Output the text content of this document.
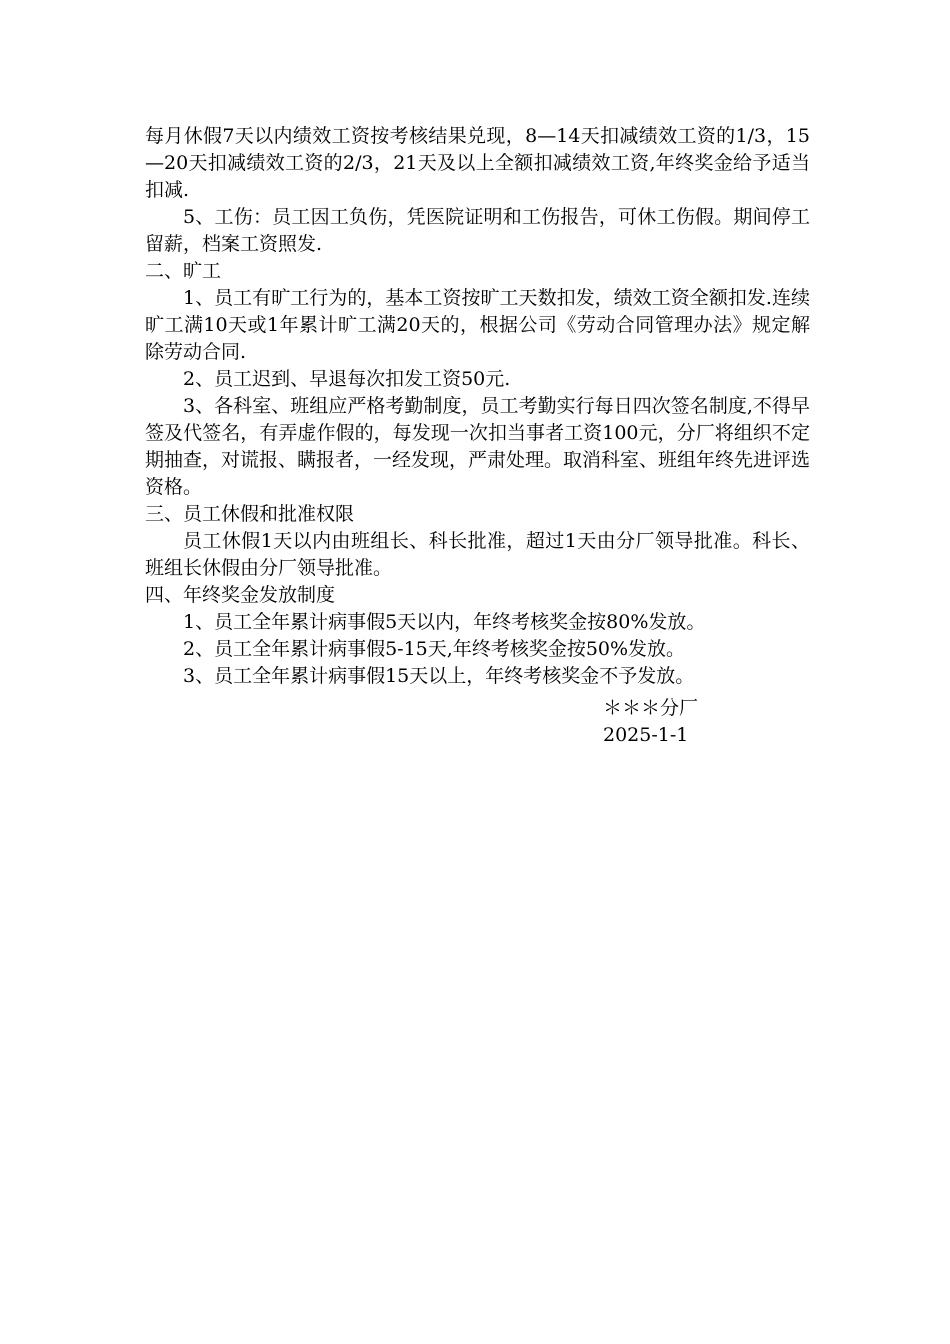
每月休假7天以内绩效工资按考核结果兑现，8—14天扣减绩效工资的1/3，15—20天扣减绩效工资的2/3，21天及以上全额扣减绩效工资,年终奖金给予适当扣减.

5、工伤：员工因工负伤，凭医院证明和工伤报告，可休工伤假。期间停工留薪，档案工资照发.

二、旷工

1、员工有旷工行为的，基本工资按旷工天数扣发，绩效工资全额扣发.连续旷工满10天或1年累计旷工满20天的，根据公司《劳动合同管理办法》规定解除劳动合同.

2、员工迟到、早退每次扣发工资50元.

3、各科室、班组应严格考勤制度，员工考勤实行每日四次签名制度,不得早签及代签名，有弄虚作假的，每发现一次扣当事者工资100元，分厂将组织不定期抽查，对谎报、瞒报者，一经发现，严肃处理。取消科室、班组年终先进评选资格。

三、员工休假和批准权限

员工休假1天以内由班组长、科长批准，超过1天由分厂领导批准。科长、班组长休假由分厂领导批准。

四、年终奖金发放制度

1、员工全年累计病事假5天以内，年终考核奖金按80%发放。

2、员工全年累计病事假5-15天,年终考核奖金按50%发放。

3、员工全年累计病事假15天以上，年终考核奖金不予发放。

＊＊＊分厂
2025-1-1
